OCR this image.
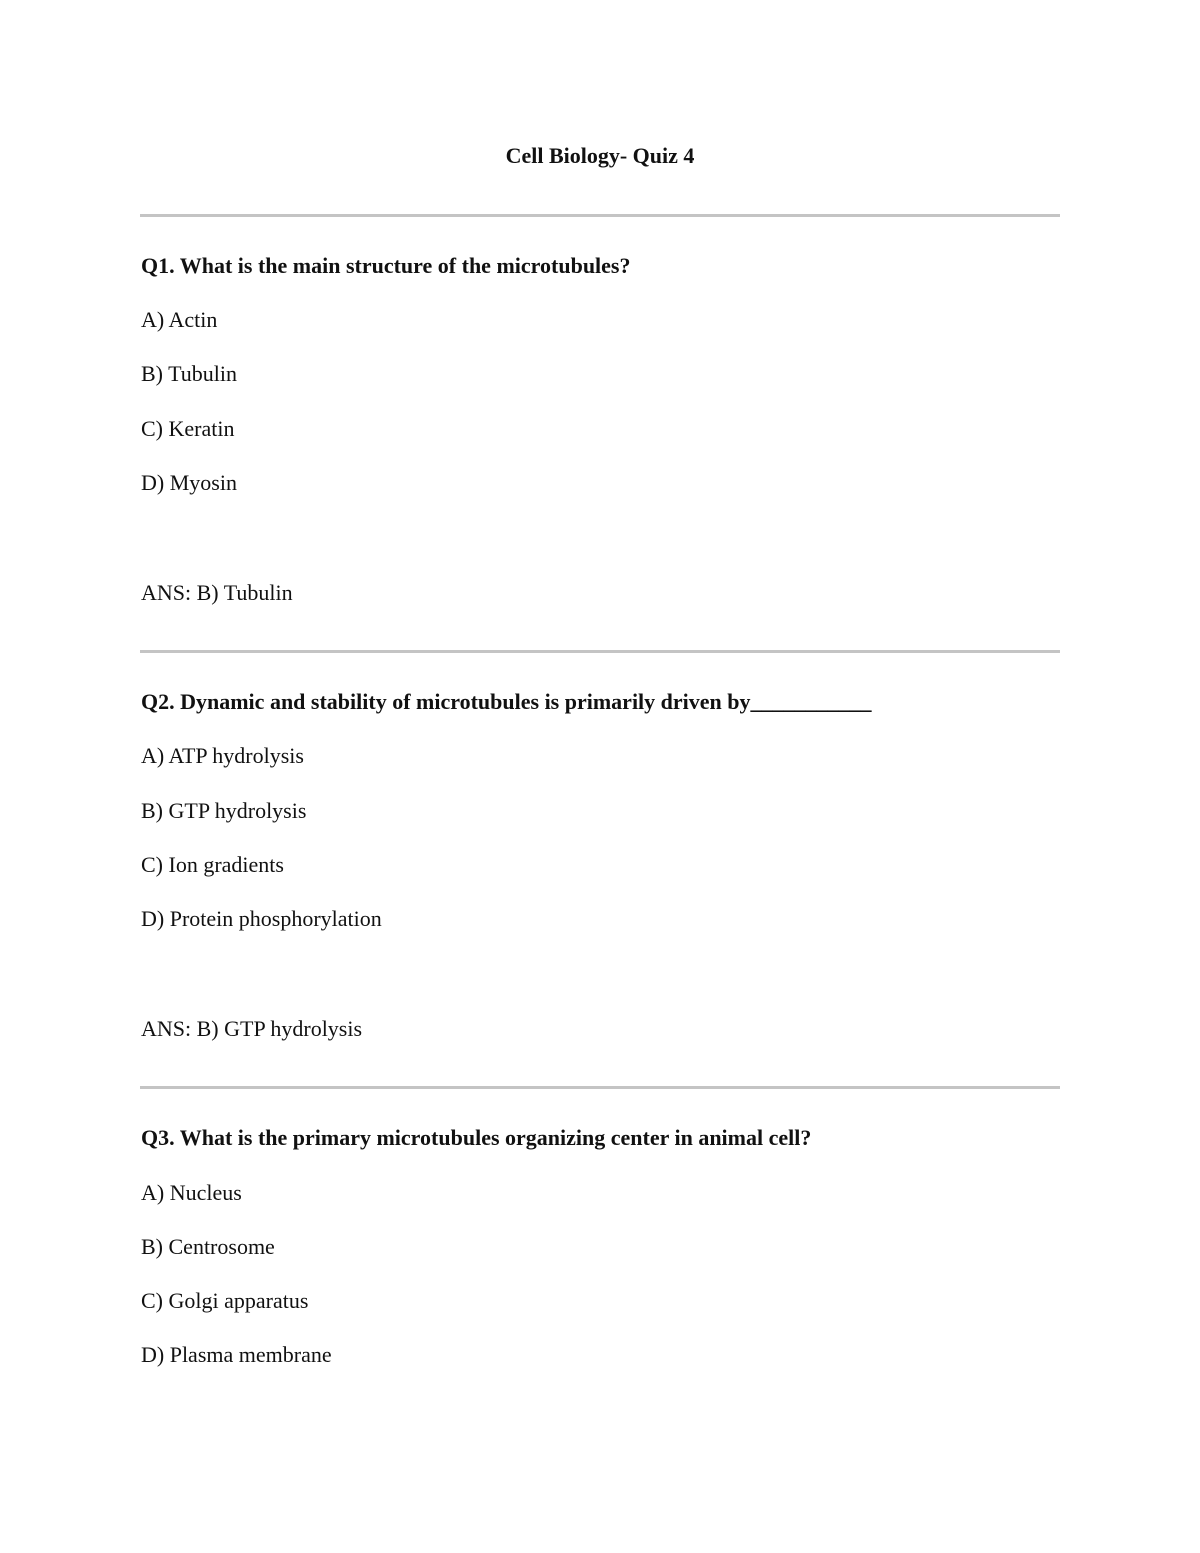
Cell Biology- Quiz 4
Q1. What is the main structure of the microtubules?
A) Actin
B) Tubulin
C) Keratin
D) Myosin
ANS: B) Tubulin
Q2. Dynamic and stability of microtubules is primarily driven by___________
A) ATP hydrolysis
B) GTP hydrolysis
C) Ion gradients
D) Protein phosphorylation
ANS: B) GTP hydrolysis
Q3. What is the primary microtubules organizing center in animal cell?
A) Nucleus
B) Centrosome
C) Golgi apparatus
D) Plasma membrane
